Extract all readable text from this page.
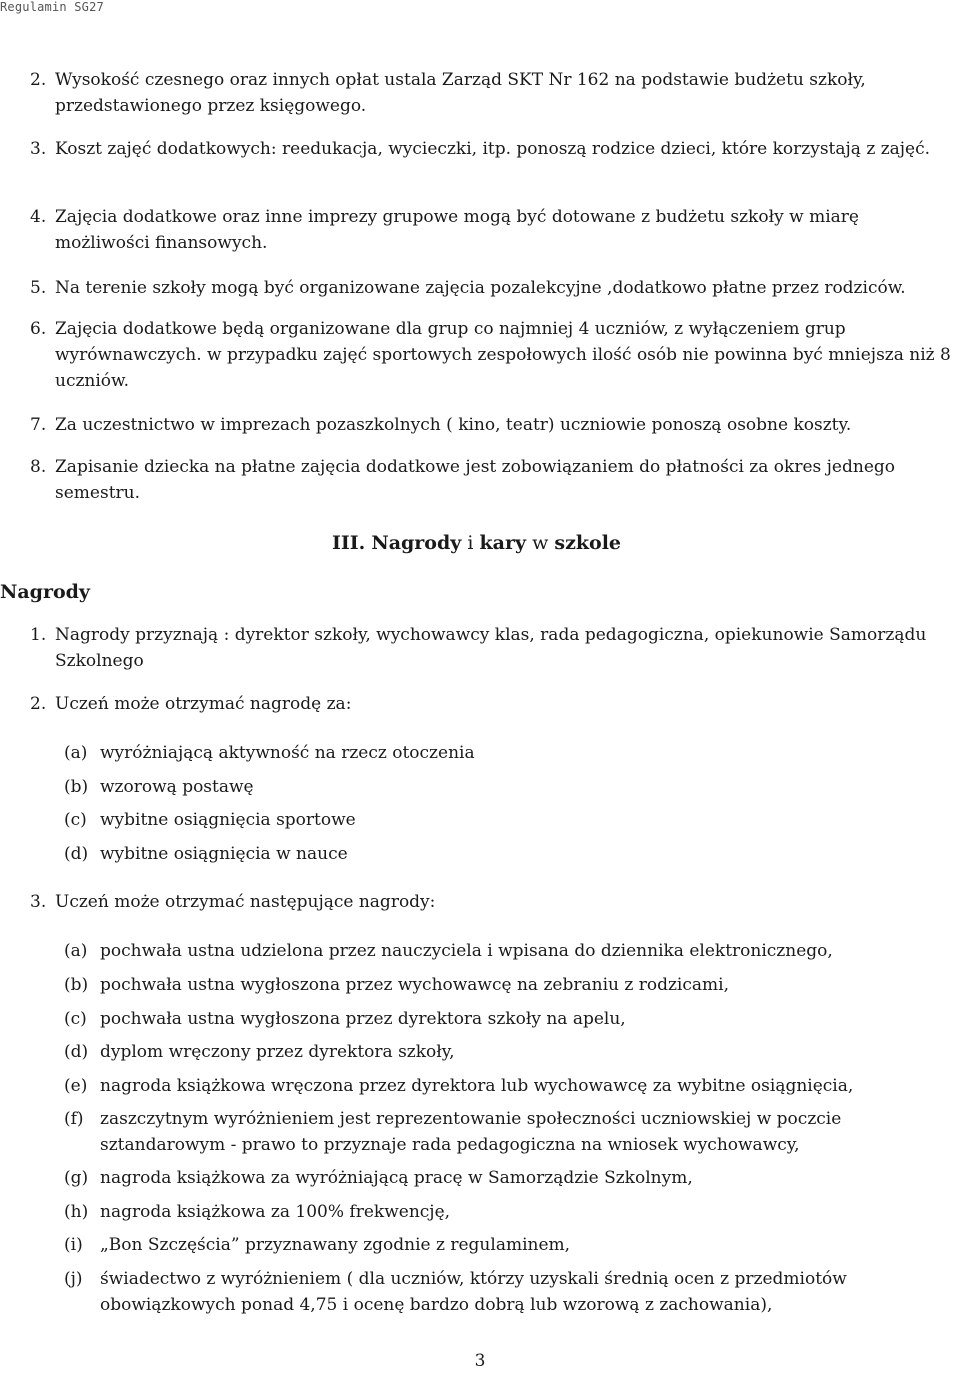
Regulamin SG27
2. Wysokość czesnego oraz innych opłat ustala Zarząd SKT Nr 162 na podstawie budżetu szkoły, przedstawionego przez księgowego.
3. Koszt zajęć dodatkowych: reedukacja, wycieczki, itp. ponoszą rodzice dzieci, które korzystają z zajęć.
4. Zajęcia dodatkowe oraz inne imprezy grupowe mogą być dotowane z budżetu szkoły w miarę możliwości finansowych.
5. Na terenie szkoły mogą być organizowane zajęcia pozalekcyjne ,dodatkowo płatne przez rodziców.
6. Zajęcia dodatkowe będą organizowane dla grup co najmniej 4 uczniów, z wyłączeniem grup wyrównawczych. w przypadku zajęć sportowych zespołowych ilość osób nie powinna być mniejsza niż 8 uczniów.
7. Za uczestnictwo w imprezach pozaszkolnych ( kino, teatr) uczniowie ponoszą osobne koszty.
8. Zapisanie dziecka na płatne zajęcia dodatkowe jest zobowiązaniem do płatności za okres jednego semestru.
III. Nagrody i kary w szkole
Nagrody
1. Nagrody przyznają : dyrektor szkoły, wychowawcy klas, rada pedagogiczna, opiekunowie Samorządu Szkolnego
2. Uczeń może otrzymać nagrodę za:
(a) wyróżniającą aktywność na rzecz otoczenia
(b) wzorową postawę
(c) wybitne osiągnięcia sportowe
(d) wybitne osiągnięcia w nauce
3. Uczeń może otrzymać następujące nagrody:
(a) pochwała ustna udzielona przez nauczyciela i wpisana do dziennika elektronicznego,
(b) pochwała ustna wygłoszona przez wychowawcę na zebraniu z rodzicami,
(c) pochwała ustna wygłoszona przez dyrektora szkoły na apelu,
(d) dyplom wręczony przez dyrektora szkoły,
(e) nagroda książkowa wręczona przez dyrektora lub wychowawcę za wybitne osiągnięcia,
(f) zaszczytnym wyróżnieniem jest reprezentowanie społeczności uczniowskiej w poczcie sztandarowym - prawo to przyznaje rada pedagogiczna na wniosek wychowawcy,
(g) nagroda książkowa za wyróżniającą pracę w Samorządzie Szkolnym,
(h) nagroda książkowa za 100% frekwencję,
(i) „Bon Szczęścia” przyznawany zgodnie z regulaminem,
(j) świadectwo z wyróżnieniem ( dla uczniów, którzy uzyskali średnią ocen z przedmiotów obowiązkowych ponad 4,75 i ocenę bardzo dobrą lub wzorową z zachowania),
3
